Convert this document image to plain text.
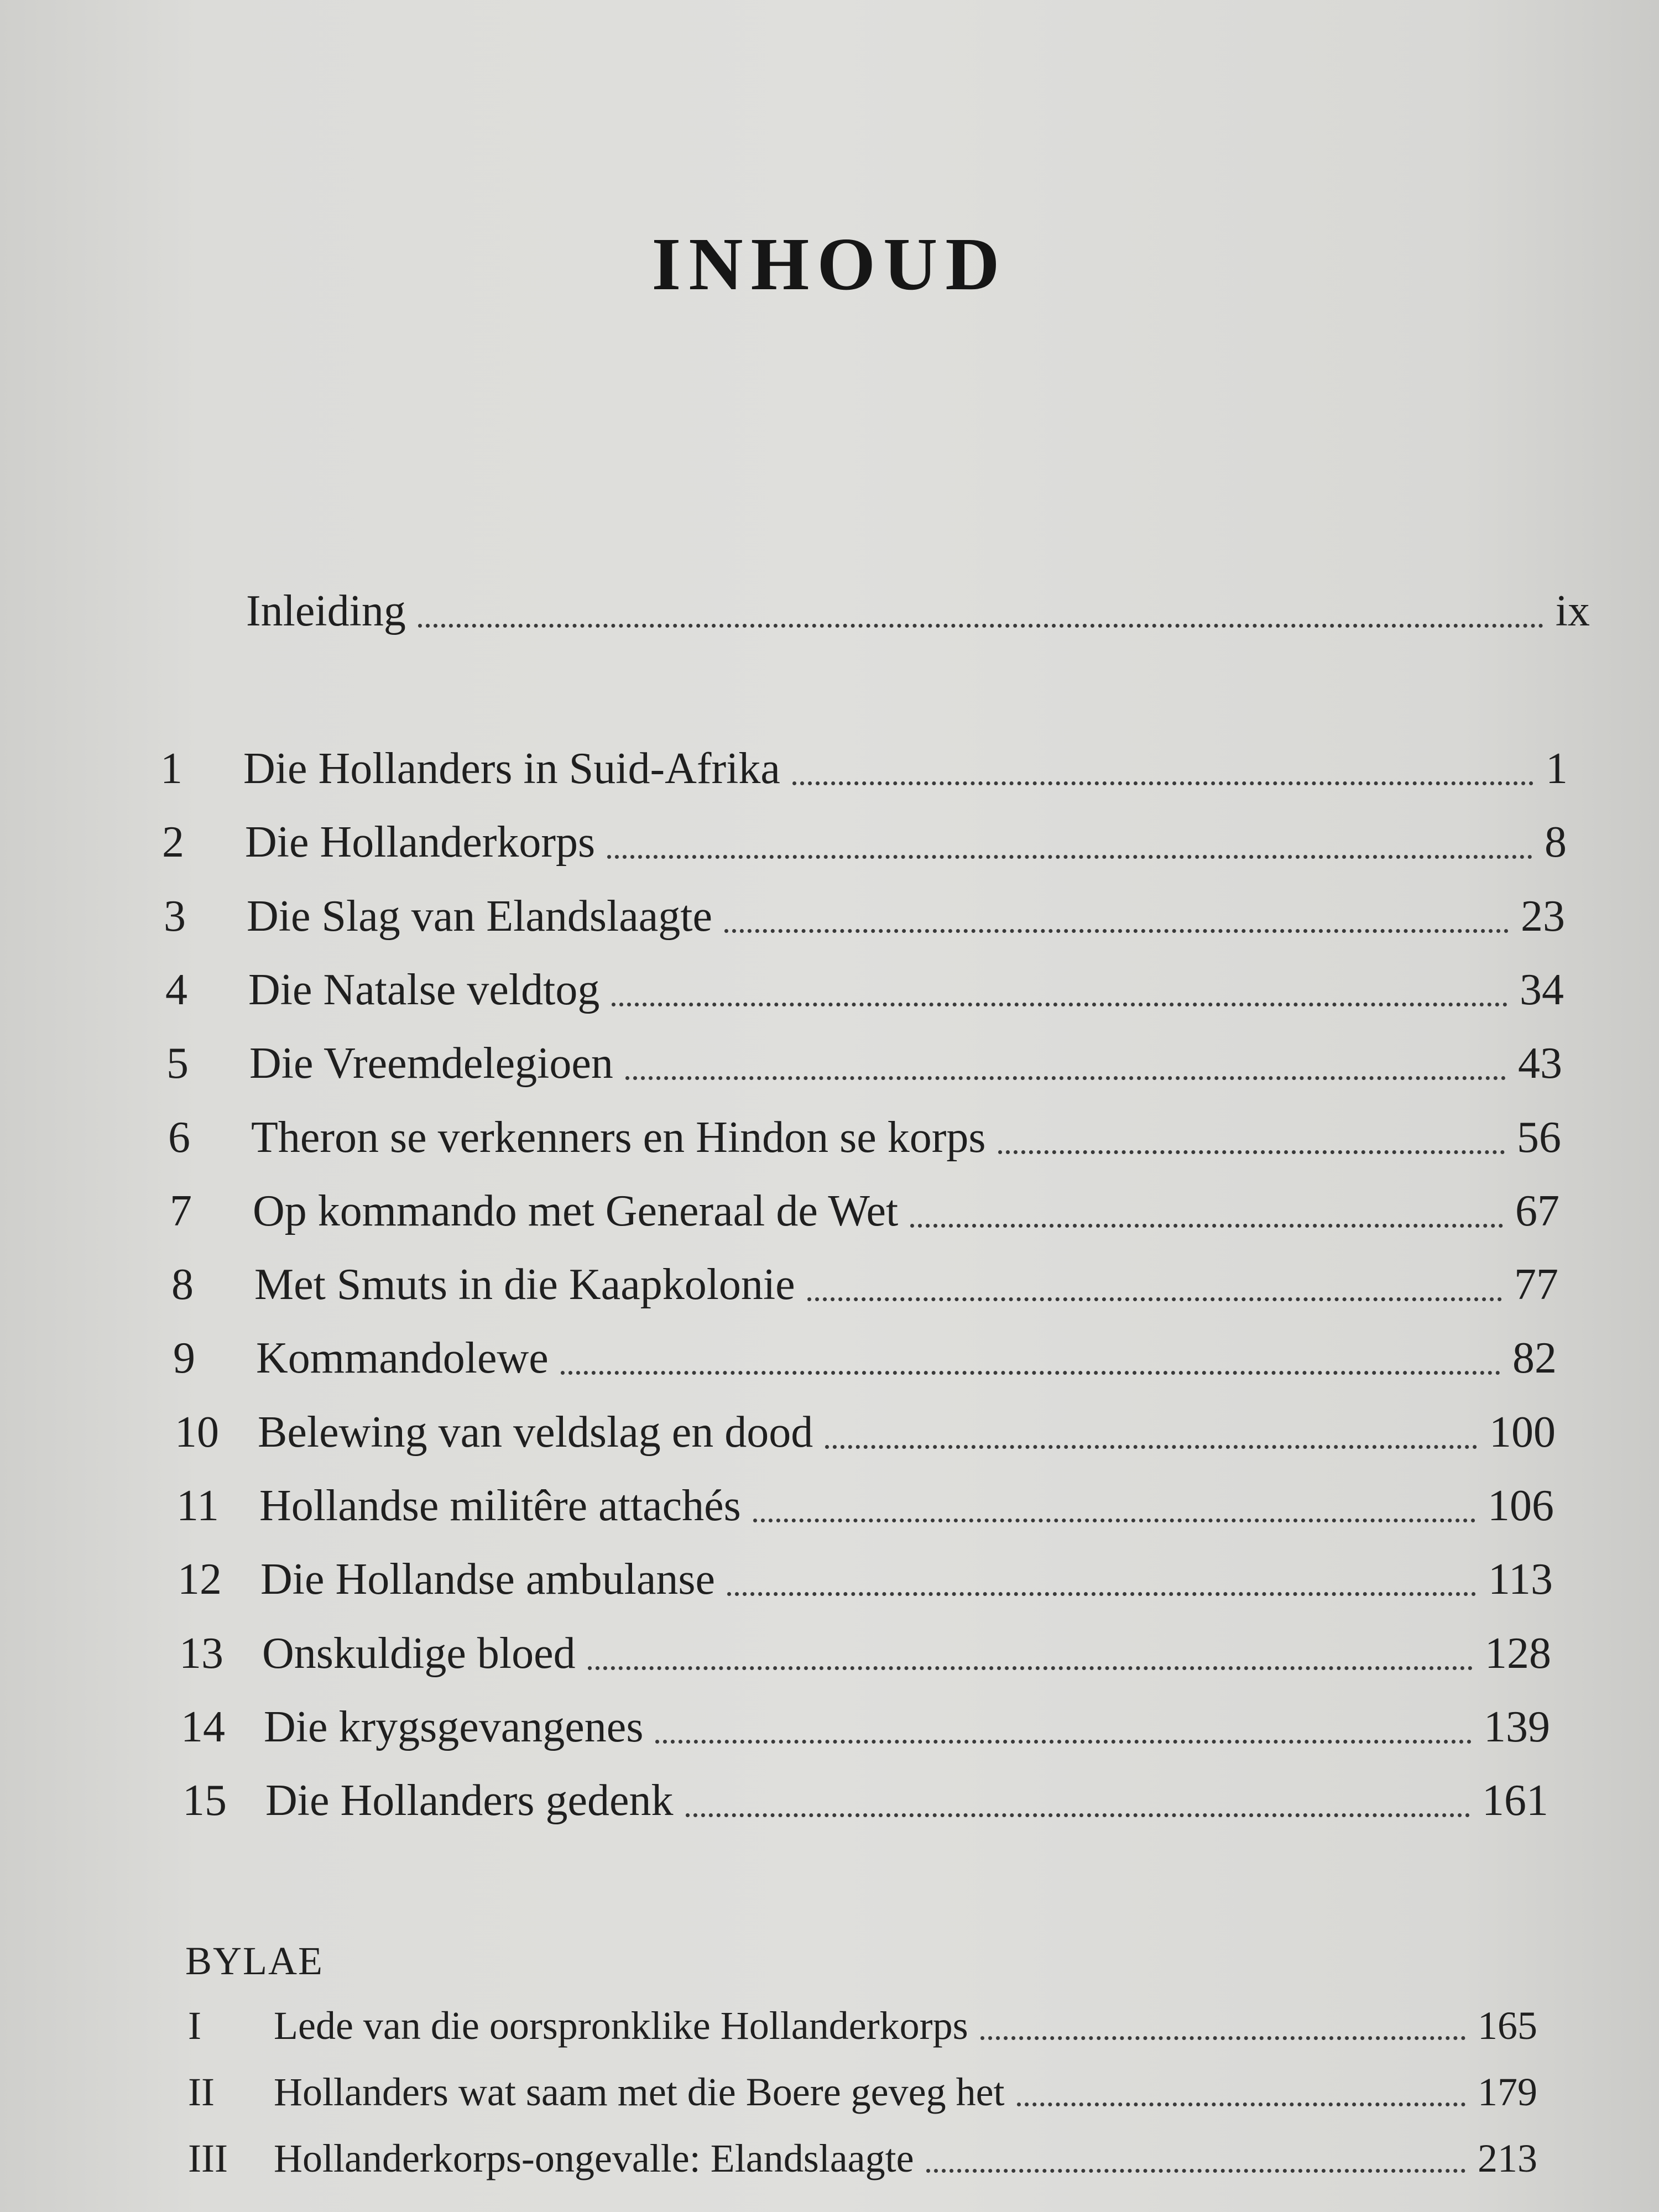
INHOUD
Inleiding	ix
1	Die Hollanders in Suid-Afrika	1
2	Die Hollanderkorps	8
3	Die Slag van Elandslaagte	23
4	Die Natalse veldtog	34
5	Die Vreemdelegioen	43
6	Theron se verkenners en Hindon se korps	56
7	Op kommando met Generaal de Wet	67
8	Met Smuts in die Kaapkolonie	77
9	Kommandolewe	82
10 Belewing van veldslag en dood	100
11 Hollandse militêre attachés	106
12 Die Hollandse ambulanse	113
13 Onskuldige bloed	128
14 Die krygsgevangenes	139
15 Die Hollanders gedenk	161
BYLAE
I	Lede van die oorspronklike Hollanderkorps	165
II	Hollanders wat saam met die Boere geveg het	179
III	Hollanderkorps-ongevalle: Elandslaagte	213
